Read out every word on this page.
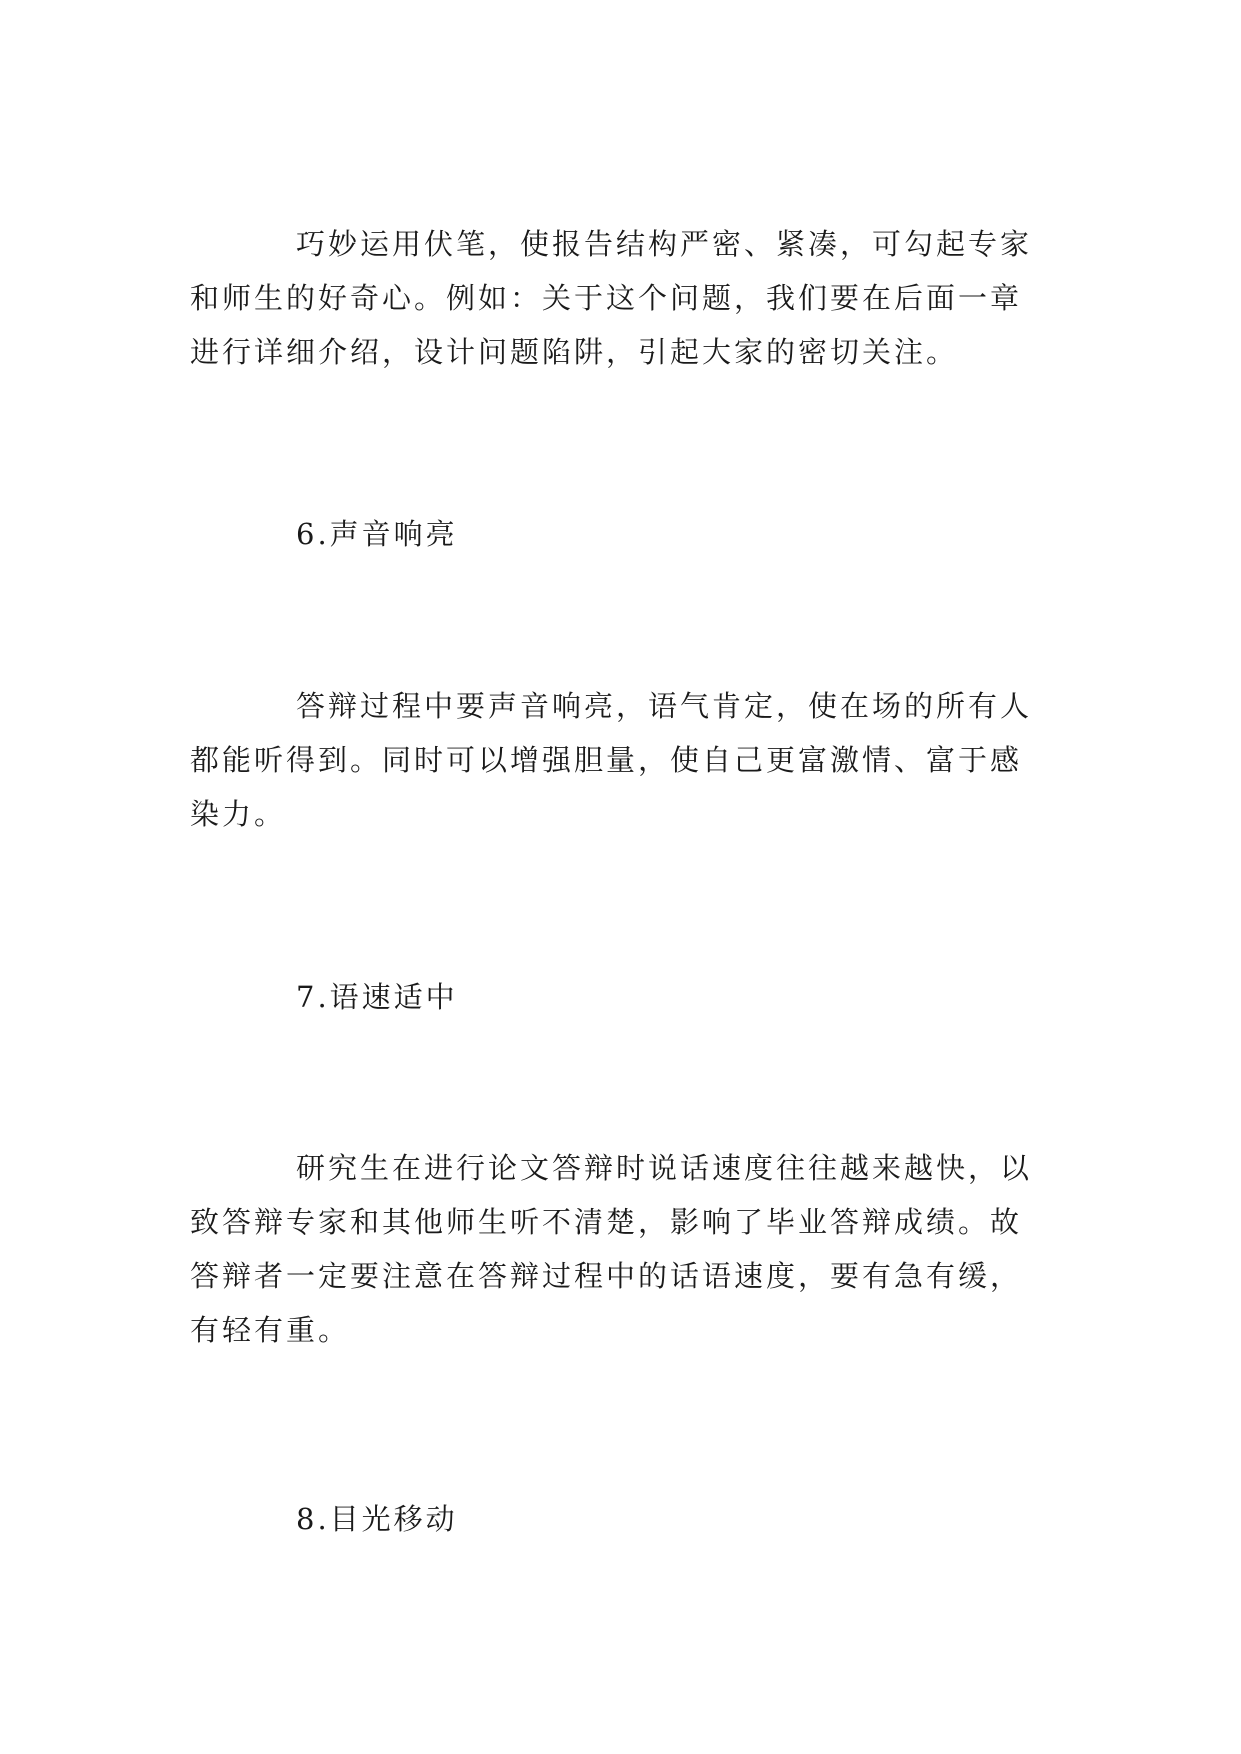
巧妙运用伏笔，使报告结构严密、紧凑，可勾起专家
和师生的好奇心。例如：关于这个问题，我们要在后面一章
进行详细介绍，设计问题陷阱，引起大家的密切关注。
6.声音响亮
答辩过程中要声音响亮，语气肯定，使在场的所有人
都能听得到。同时可以增强胆量，使自己更富激情、富于感
染力。
7.语速适中
研究生在进行论文答辩时说话速度往往越来越快，以
致答辩专家和其他师生听不清楚，影响了毕业答辩成绩。故
答辩者一定要注意在答辩过程中的话语速度，要有急有缓，
有轻有重。
8.目光移动
